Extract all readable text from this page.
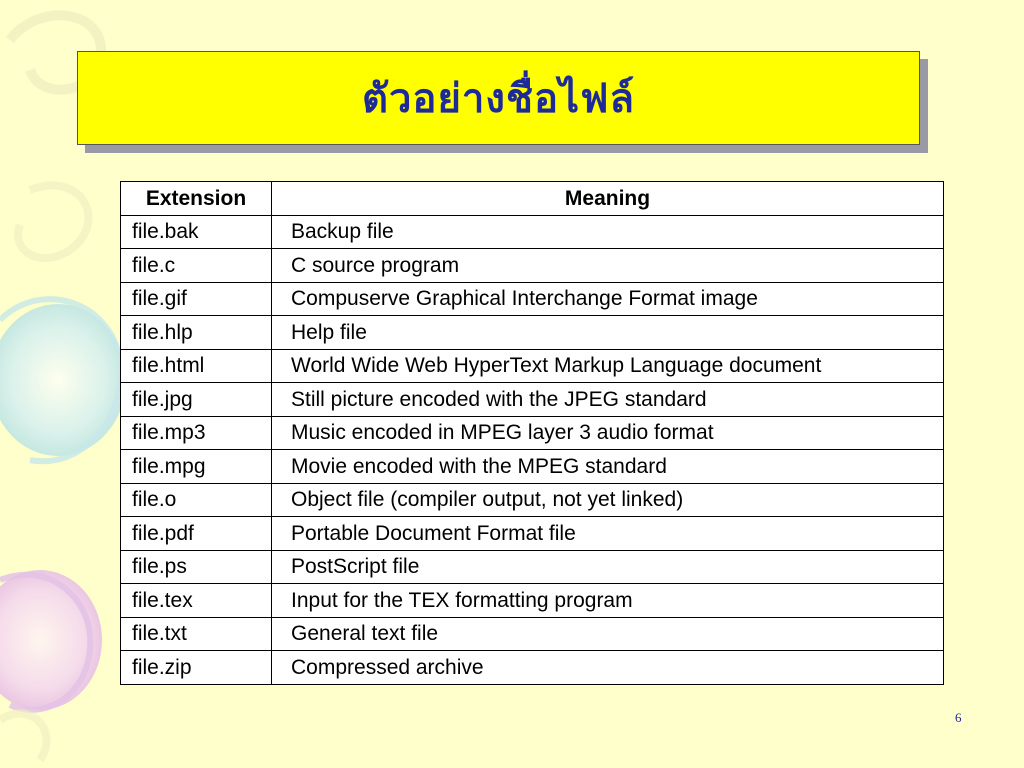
ตัวอย่างชื่อไฟล์
Extension	Meaning
file.bak	Backup file
file.c	C source program
file.gif	Compuserve Graphical Interchange Format image
file.hlp	Help file
file.html	World Wide Web HyperText Markup Language document
file.jpg	Still picture encoded with the JPEG standard
file.mp3	Music encoded in MPEG layer 3 audio format
file.mpg	Movie encoded with the MPEG standard
file.o	Object file (compiler output, not yet linked)
file.pdf	Portable Document Format file
file.ps	PostScript file
file.tex	Input for the TEX formatting program
file.txt	General text file
file.zip	Compressed archive
6
